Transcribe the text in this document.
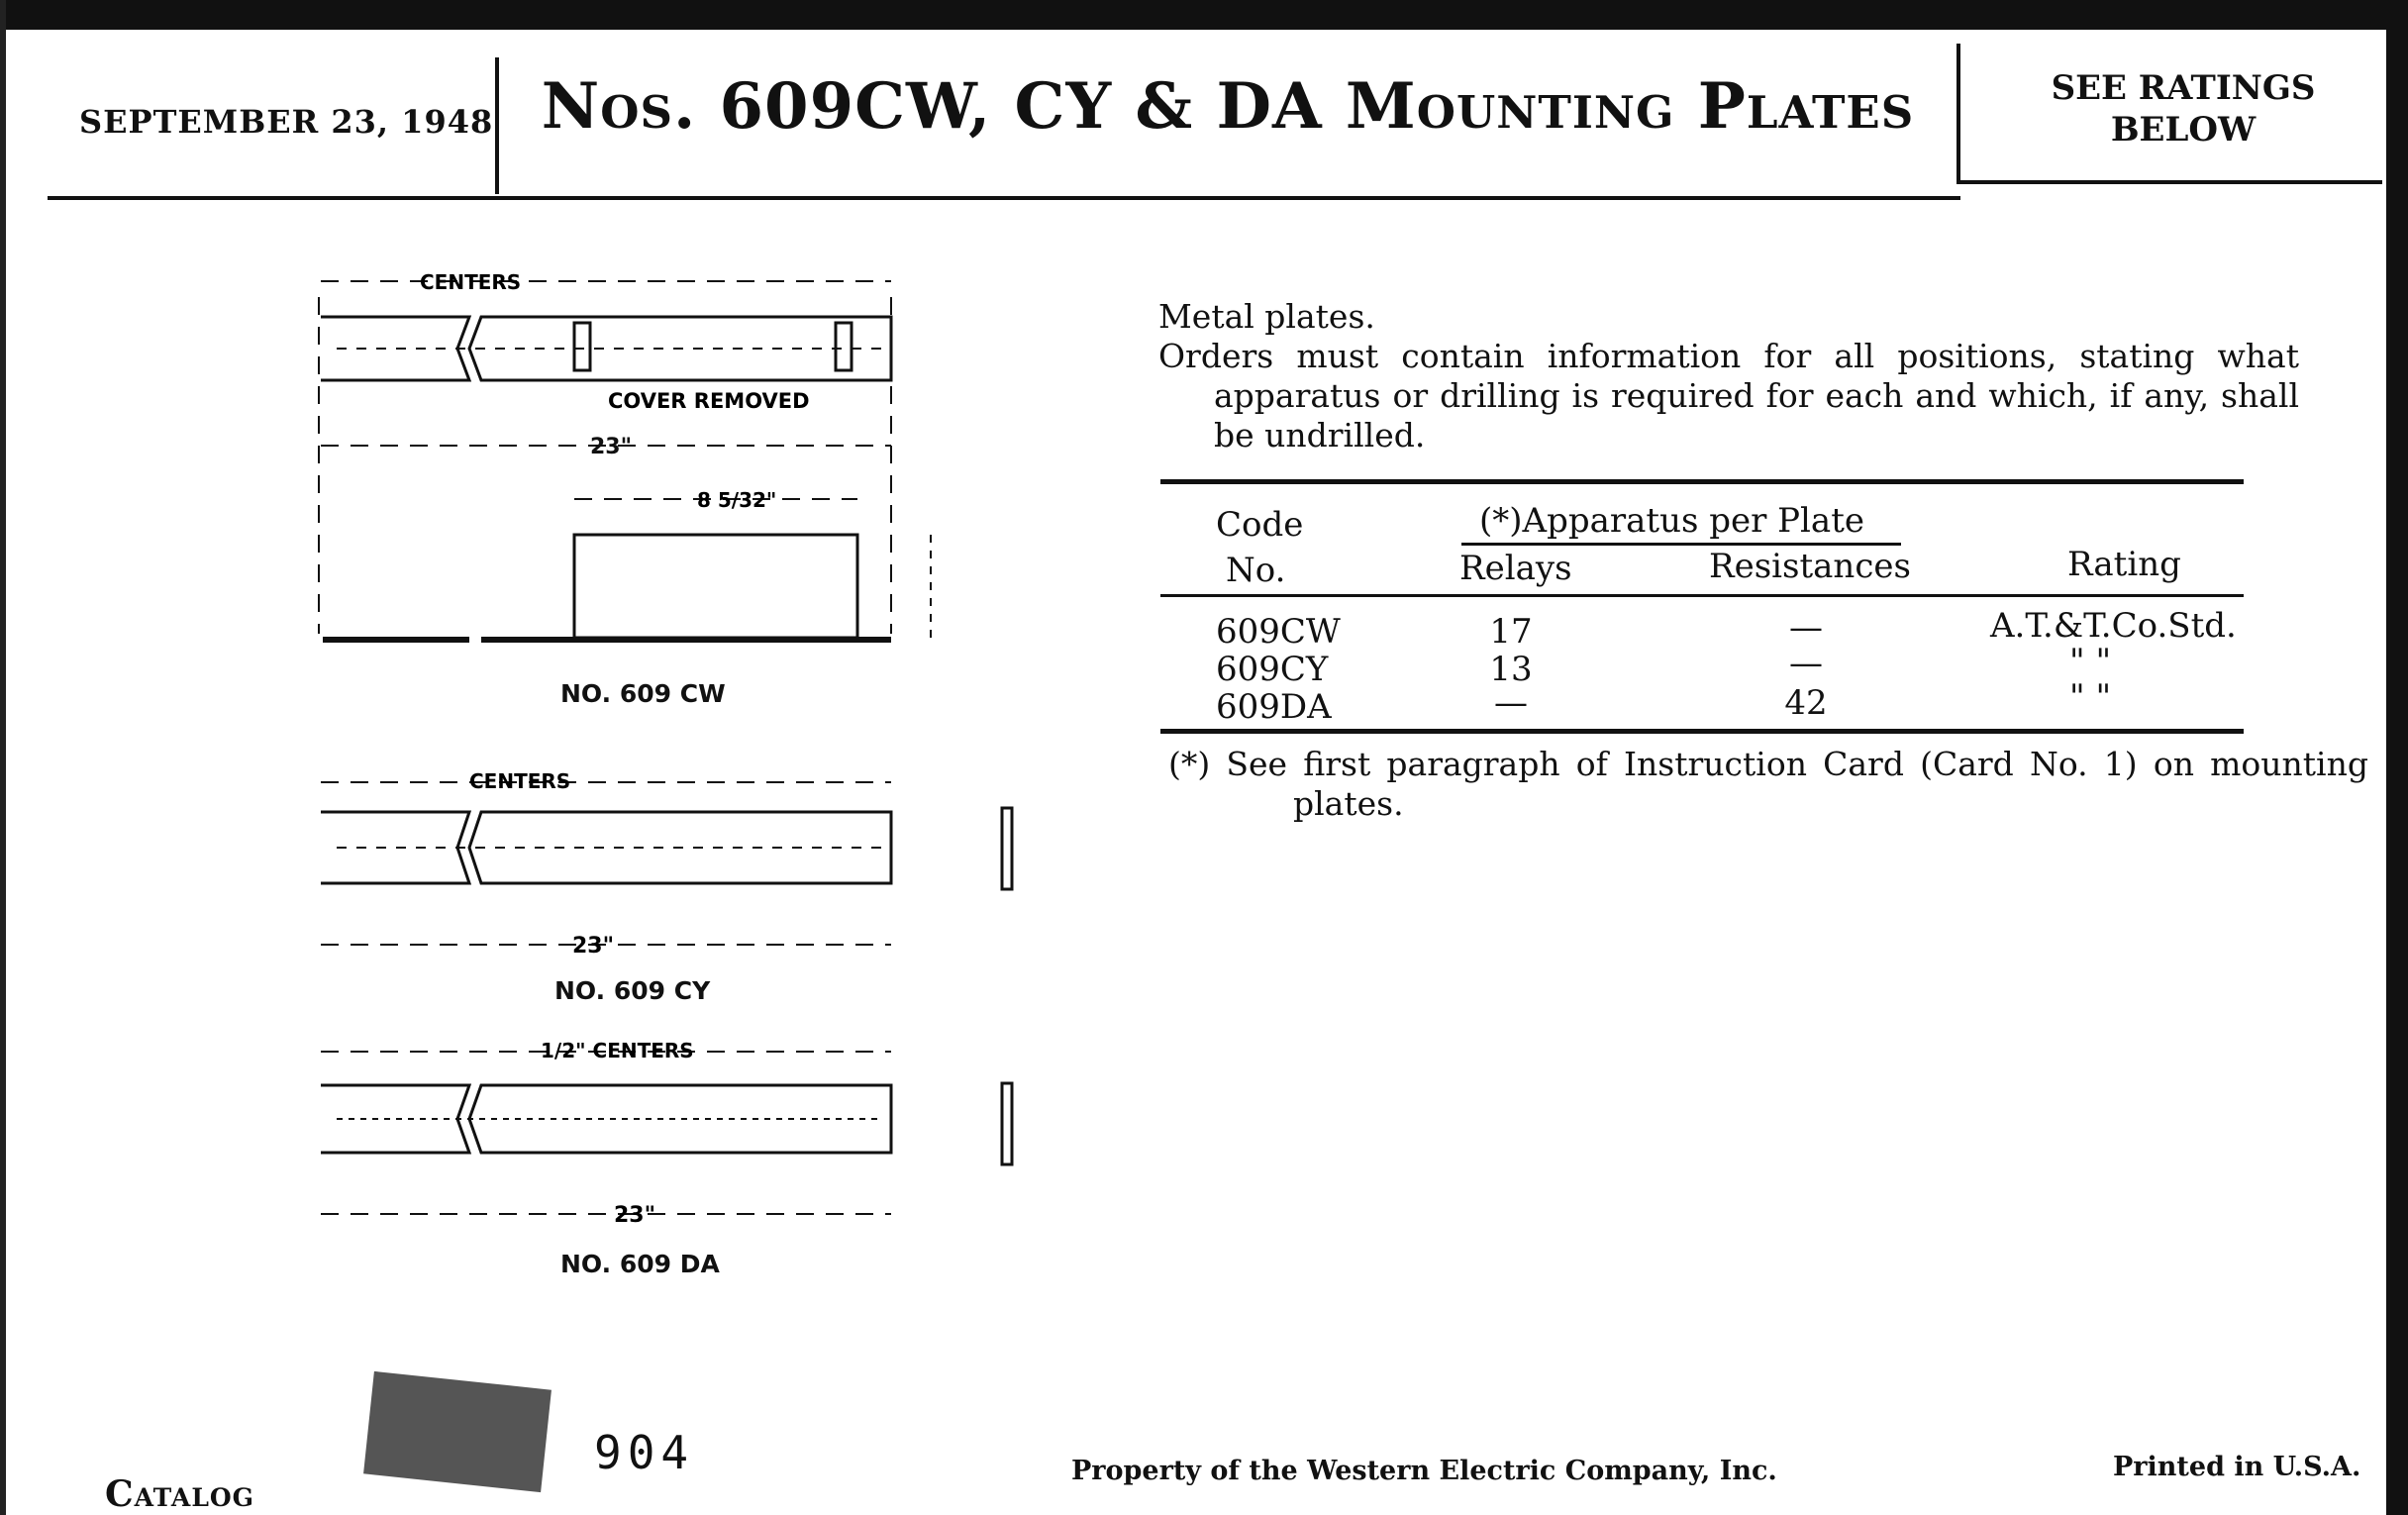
SEPTEMBER 23, 1948 Nos. 609CW, CY & DA Mounting Plates	SEE RATINGS BELOW
Metal plates.
Orders must contain information for all positions, stating what apparatus or drilling is required for each and which, if any, shall be undrilled.
Code
No.
(*)Apparatus per Plate
Relays	Resistances	Rating
609CW	17	—	A.T.&T.Co.Std.
609CY	13	—	" "
609DA	—	42	" "
(*) See first paragraph of Instruction Card (Card No. 1) on mounting plates.
COVER REMOVED
23"
8 5/32"
CENTERS
CENTERS
23"
1/2" CENTERS
23"
NO. 609 CW
NO. 609 CY
NO. 609 DA
904
Catalog
Property of the Western Electric Company, Inc.	Printed in U.S.A.
